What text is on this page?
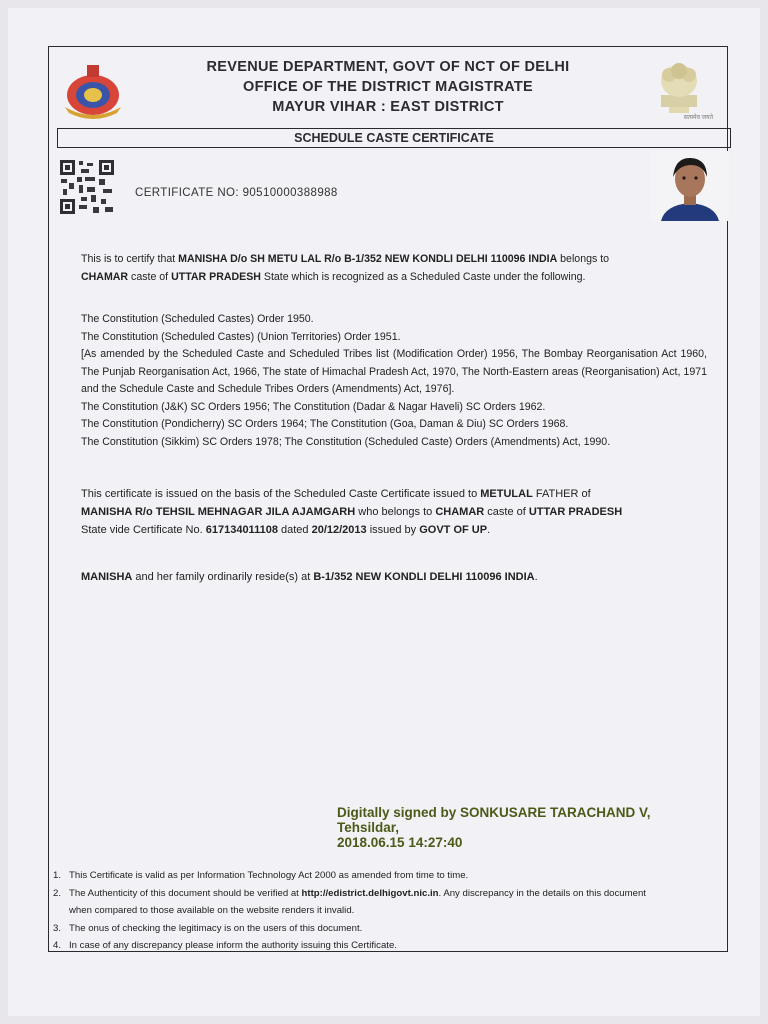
REVENUE DEPARTMENT, GOVT OF NCT OF DELHI
OFFICE OF THE DISTRICT MAGISTRATE
MAYUR VIHAR : EAST DISTRICT
सत्यमेव जयते
SCHEDULE CASTE CERTIFICATE
CERTIFICATE NO: 90510000388988
This is to certify that MANISHA D/o SH METU LAL R/o B-1/352 NEW KONDLI DELHI 110096 INDIA belongs to
CHAMAR caste of UTTAR PRADESH State which is recognized as a Scheduled Caste under the following.
The Constitution (Scheduled Castes) Order 1950.
The Constitution (Scheduled Castes) (Union Territories) Order 1951.
[As amended by the Scheduled Caste and Scheduled Tribes list (Modification Order) 1956, The Bombay Reorganisation Act 1960, The Punjab Reorganisation Act, 1966, The state of Himachal Pradesh Act, 1970, The North-Eastern areas (Reorganisation) Act, 1971 and the Schedule Caste and Schedule Tribes Orders (Amendments) Act, 1976].
The Constitution (J&K) SC Orders 1956; The Constitution (Dadar & Nagar Haveli) SC Orders 1962.
The Constitution (Pondicherry) SC Orders 1964; The Constitution (Goa, Daman & Diu) SC Orders 1968.
The Constitution (Sikkim) SC Orders 1978; The Constitution (Scheduled Caste) Orders (Amendments) Act, 1990.
This certificate is issued on the basis of the Scheduled Caste Certificate issued to METULAL FATHER of
MANISHA R/o TEHSIL MEHNAGAR JILA AJAMGARH who belongs to CHAMAR caste of UTTAR PRADESH
State vide Certificate No. 617134011108 dated 20/12/2013 issued by GOVT OF UP.
MANISHA and her family ordinarily reside(s) at B-1/352 NEW KONDLI DELHI 110096 INDIA.
Digitally signed by SONKUSARE TARACHAND V,
Tehsildar,
2018.06.15 14:27:40
1. This Certificate is valid as per Information Technology Act 2000 as amended from time to time.
2. The Authenticity of this document should be verified at http://edistrict.delhigovt.nic.in. Any discrepancy in the details on this document
when compared to those available on the website renders it invalid.
3. The onus of checking the legitimacy is on the users of this document.
4. In case of any discrepancy please inform the authority issuing this Certificate.
